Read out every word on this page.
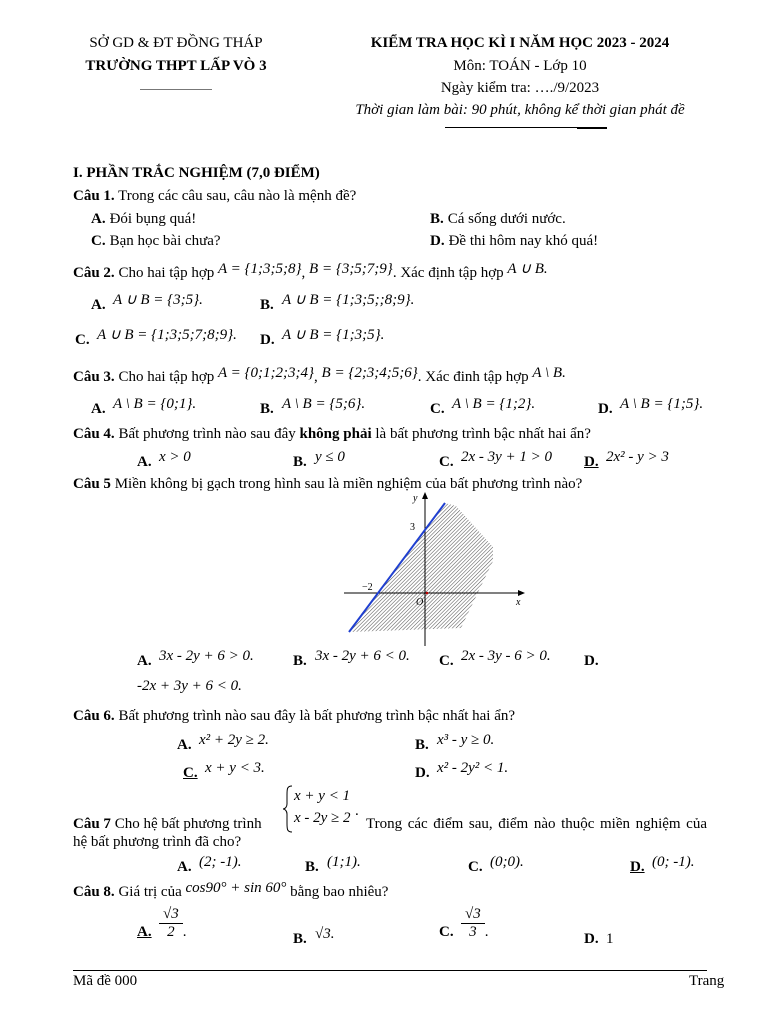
SỞ GD & ĐT ĐỒNG THÁP
TRƯỜNG THPT LẤP VÒ 3
KIỂM TRA HỌC KÌ I NĂM HỌC 2023 - 2024
Môn: TOÁN - Lớp 10
Ngày kiểm tra: …./9/2023
Thời gian làm bài: 90 phút, không kể thời gian phát đề
I. PHẦN TRẮC NGHIỆM (7,0 ĐIỂM)
Câu 1. Trong các câu sau, câu nào là mệnh đề?
A. Đói bụng quá!	B. Cá sống dưới nước.
C. Bạn học bài chưa?	D. Đề thi hôm nay khó quá!
Câu 2. Cho hai tập hợp A = {1;3;5;8}, B = {3;5;7;9}. Xác định tập hợp A ∪ B.
A. A ∪ B = {3;5}.	B. A ∪ B = {1;3;5;;8;9}.
C. A ∪ B = {1;3;5;7;8;9}. D. A ∪ B = {1;3;5}.
Câu 3. Cho hai tập hợp A = {0;1;2;3;4}, B = {2;3;4;5;6}. Xác đinh tập hợp A \ B.
A. A \ B = {0;1}.	B. A \ B = {5;6}.	C. A \ B = {1;2}.	D. A \ B = {1;5}.
Câu 4. Bất phương trình nào sau đây không phải là bất phương trình bậc nhất hai ẩn?
A. x > 0	B. y ≤ 0	C. 2x - 3y + 1 > 0 D. 2x² - y > 3
Câu 5 Miền không bị gạch trong hình sau là miền nghiệm của bất phương trình nào?
y
3
−2
O	x
A. 3x - 2y + 6 > 0.	B. 3x - 2y + 6 < 0. C. 2x - 3y - 6 > 0. D.
-2x + 3y + 6 < 0.
Câu 6. Bất phương trình nào sau đây là bất phương trình bậc nhất hai ẩn?
A. x² + 2y ≥ 2.	B. x³ - y ≥ 0.
C. x + y < 3.	D. x² - 2y² < 1.
x + y < 1
x - 2y ≥ 2 .
Câu 7 Cho hệ bất phương trình	Trong các điểm sau, điểm nào thuộc miền nghiệm của
hệ bất phương trình đã cho?
A. (2; -1).	B. (1;1).	C. (0;0).	D. (0; -1).
Câu 8. Giá trị của cos90° + sin 60° bằng bao nhiêu?
A. $\frac{√3}{2}$ .	B. √3.	C. $\frac{√3}{3}$ .	D. 1
Mã đề 000	Trang
